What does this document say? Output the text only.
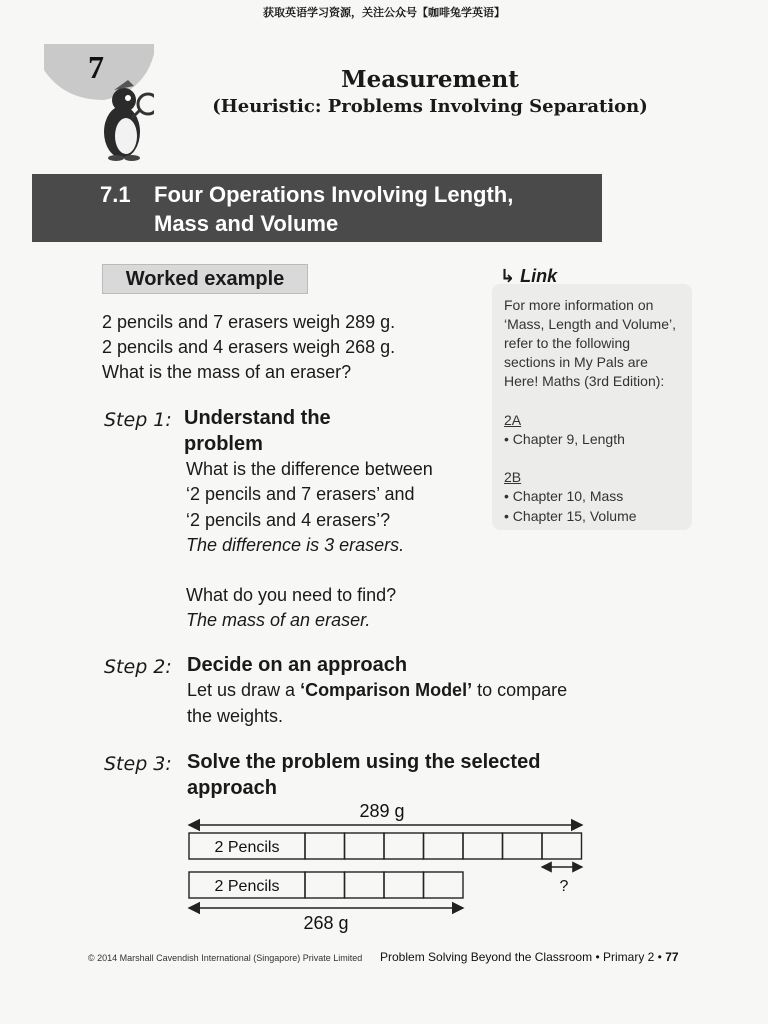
获取英语学习资源，关注公众号【咖啡兔学英语】
7	Measurement
(Heuristic: Problems Involving Separation)
7.1 Four Operations Involving Length,
Mass and Volume
Worked example
2 pencils and 7 erasers weigh 289 g.
2 pencils and 4 erasers weigh 268 g.
What is the mass of an eraser?
Step 1: Understand the
problem
What is the difference between
‘2 pencils and 7 erasers’ and
‘2 pencils and 4 erasers’?
The difference is 3 erasers.
What do you need to find?
The mass of an eraser.
Step 2: Decide on an approach
Let us draw a ‘Comparison Model’ to compare
the weights.
Step 3: Solve the problem using the selected
approach
289 g
2 Pencils
2 Pencils	?
268 g
↳ Link
For more information on
‘Mass, Length and Volume’,
refer to the following
sections in My Pals are
Here! Maths (3rd Edition):
2A
• Chapter 9, Length
2B
• Chapter 10, Mass
• Chapter 15, Volume
© 2014 Marshall Cavendish International (Singapore) Private Limited Problem Solving Beyond the Classroom • Primary 2 • 77
